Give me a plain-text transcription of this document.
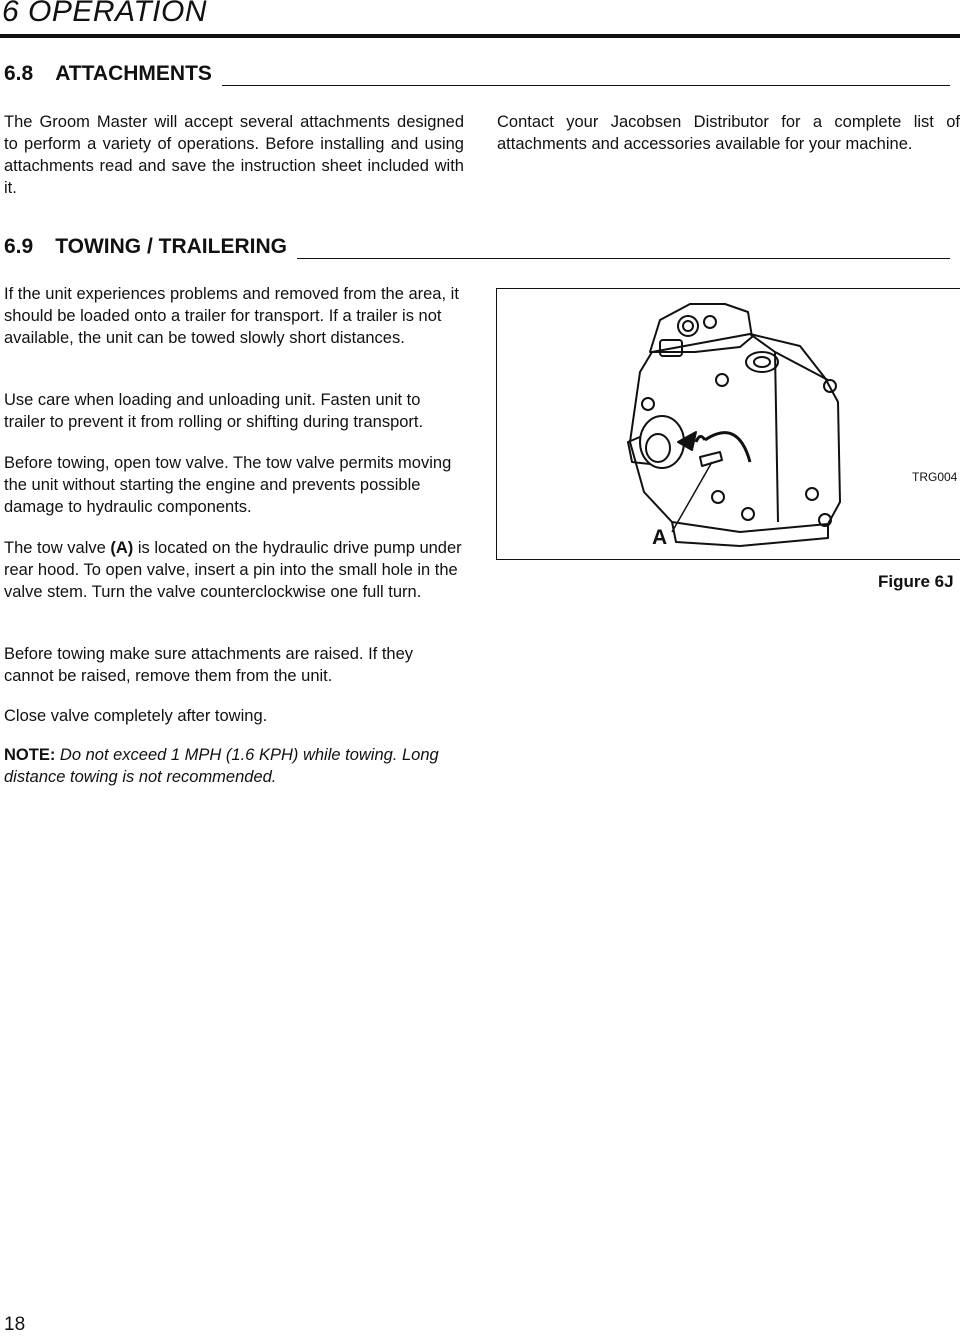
6 OPERATION
6.8 ATTACHMENTS

The Groom Master will accept several attachments designed to perform a variety of operations. Before installing and using attachments read and save the instruction sheet included with it.

Contact your Jacobsen Distributor for a complete list of attachments and accessories available for your machine.

6.9 TOWING / TRAILERING

If the unit experiences problems and removed from the area, it should be loaded onto a trailer for transport. If a trailer is not available, the unit can be towed slowly short distances.

Use care when loading and unloading unit. Fasten unit to trailer to prevent it from rolling or shifting during transport.

Before towing, open tow valve. The tow valve permits moving the unit without starting the engine and prevents possible damage to hydraulic components.

The tow valve (A) is located on the hydraulic drive pump under rear hood. To open valve, insert a pin into the small hole in the valve stem. Turn the valve counterclockwise one full turn.

Before towing make sure attachments are raised. If they cannot be raised, remove them from the unit.

Close valve completely after towing.

NOTE: Do not exceed 1 MPH (1.6 KPH) while towing. Long distance towing is not recommended.

TRG004
A
Figure 6J
18
